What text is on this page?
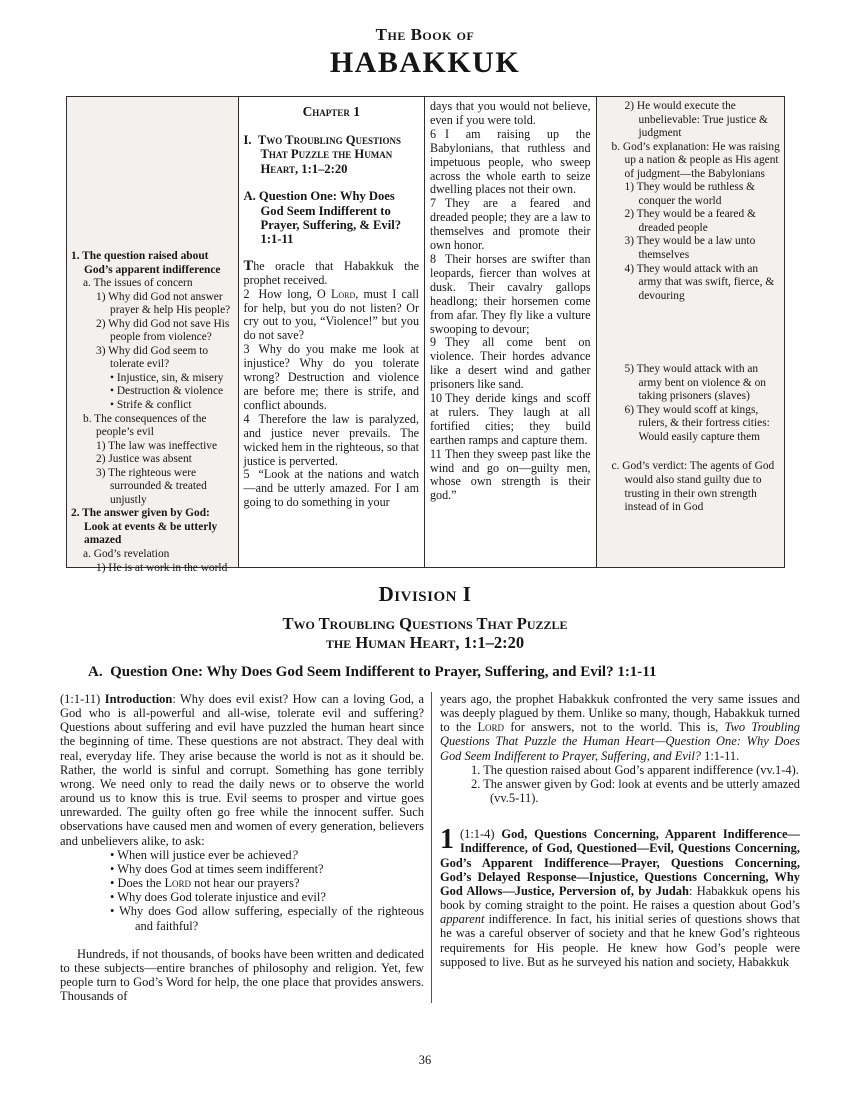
The Book of
HABAKKUK
1. The question raised about God’s apparent indifference
a. The issues of concern
1) Why did God not answer prayer & help His people?
2) Why did God not save His people from violence?
3) Why did God seem to tolerate evil?
• Injustice, sin, & misery
• Destruction & violence
• Strife & conflict
b. The consequences of the people’s evil
1) The law was ineffective
2) Justice was absent
3) The righteous were surrounded & treated unjustly
2. The answer given by God: Look at events & be utterly amazed
a. God’s revelation
1) He is at work in the world
Chapter 1
I. Two Troubling Questions That Puzzle the Human Heart, 1:1–2:20
A. Question One: Why Does God Seem Indifferent to Prayer, Suffering, & Evil? 1:1-11
The oracle that Habakkuk the prophet received.
2 How long, O Lord, must I call for help, but you do not listen? Or cry out to you, “Violence!” but you do not save?
3 Why do you make me look at injustice? Why do you tolerate wrong? Destruction and violence are before me; there is strife, and conflict abounds.
4 Therefore the law is paralyzed, and justice never prevails. The wicked hem in the righteous, so that justice is perverted.
5 “Look at the nations and watch—and be utterly amazed. For I am going to do something in your
days that you would not believe, even if you were told.
6 I am raising up the Babylonians, that ruthless and impetuous people, who sweep across the whole earth to seize dwelling places not their own.
7 They are a feared and dreaded people; they are a law to themselves and promote their own honor.
8 Their horses are swifter than leopards, fiercer than wolves at dusk. Their cavalry gallops headlong; their horsemen come from afar. They fly like a vulture swooping to devour;
9 They all come bent on violence. Their hordes advance like a desert wind and gather prisoners like sand.
10 They deride kings and scoff at rulers. They laugh at all fortified cities; they build earthen ramps and capture them.
11 Then they sweep past like the wind and go on—guilty men, whose own strength is their god.”
2) He would execute the unbelievable: True justice & judgment
b. God’s explanation: He was raising up a nation & people as His agent of judgment—the Babylonians
1) They would be ruthless & conquer the world
2) They would be a feared & dreaded people
3) They would be a law unto themselves
4) They would attack with an army that was swift, fierce, & devouring
5) They would attack with an army bent on violence & on taking prisoners (slaves)
6) They would scoff at kings, rulers, & their fortress cities: Would easily capture them
c. God’s verdict: The agents of God would also stand guilty due to trusting in their own strength instead of in God
Division I
Two Troubling Questions That Puzzle
the Human Heart, 1:1–2:20
A. Question One: Why Does God Seem Indifferent to Prayer, Suffering, and Evil? 1:1-11

(1:1-11) Introduction: Why does evil exist? How can a loving God, a God who is all-powerful and all-wise, tolerate evil and suffering? Questions about suffering and evil have puzzled the human heart since the beginning of time. These questions are not abstract. They deal with real, everyday life. They arise because the world is not as it should be. Rather, the world is sinful and corrupt. Something has gone terribly wrong. We need only to read the daily news or to observe the world around us to know this is true. Evil seems to prosper and virtue goes unrewarded. The guilty often go free while the innocent suffer. Such observations have caused men and women of every generation, believers and unbelievers alike, to ask:

• When will justice ever be achieved?
• Why does God at times seem indifferent?
• Does the Lord not hear our prayers?
• Why does God tolerate injustice and evil?
• Why does God allow suffering, especially of the righteous and faithful?

Hundreds, if not thousands, of books have been written and dedicated to these subjects—entire branches of philosophy and religion. Yet, few people turn to God’s Word for help, the one place that provides answers. Thousands of

years ago, the prophet Habakkuk confronted the very same issues and was deeply plagued by them. Unlike so many, though, Habakkuk turned to the Lord for answers, not to the world. This is, Two Troubling Questions That Puzzle the Human Heart—Question One: Why Does God Seem Indifferent to Prayer, Suffering, and Evil? 1:1-11.

1. The question raised about God’s apparent indifference (vv.1-4).
2. The answer given by God: look at events and be utterly amazed (vv.5-11).

1 (1:1-4) God, Questions Concerning, Apparent Indifference—Indifference, of God, Questioned—Evil, Questions Concerning, God’s Apparent Indifference—Prayer, Questions Concerning, God’s Delayed Response—Injustice, Questions Concerning, Why God Allows—Justice, Perversion of, by Judah: Habakkuk opens his book by coming straight to the point. He raises a question about God’s apparent indifference. In fact, his initial series of questions shows that he was a careful observer of society and that he knew God’s righteous requirements for His people. He knew how God’s people were supposed to live. But as he surveyed his nation and society, Habakkuk

36
